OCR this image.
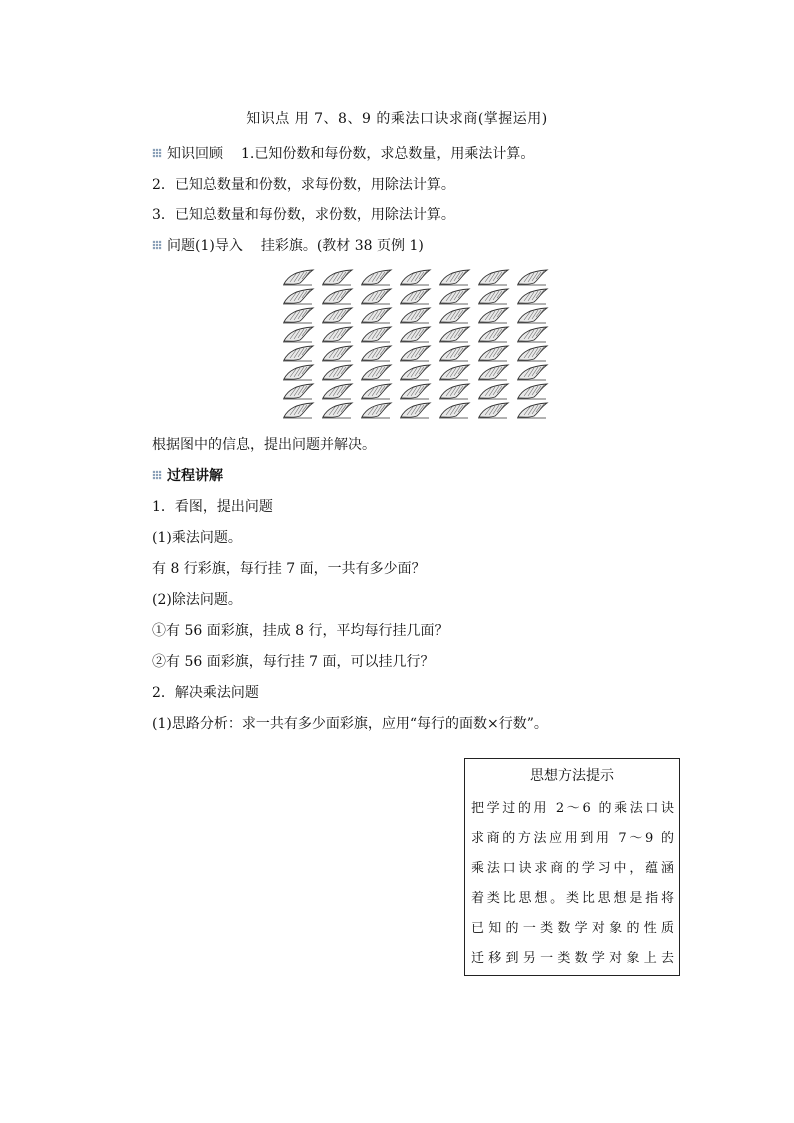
知识点 用 7、8、9 的乘法口诀求商(掌握运用)
知识回顾 1.已知份数和每份数，求总数量，用乘法计算。
2．已知总数量和份数，求每份数，用除法计算。
3．已知总数量和每份数，求份数，用除法计算。
问题(1)导入 挂彩旗。(教材 38 页例 1)
根据图中的信息，提出问题并解决。
过程讲解
1．看图，提出问题
(1)乘法问题。
有 8 行彩旗，每行挂 7 面，一共有多少面？
(2)除法问题。
①有 56 面彩旗，挂成 8 行，平均每行挂几面？
②有 56 面彩旗，每行挂 7 面，可以挂几行？
2．解决乘法问题
(1)思路分析：求一共有多少面彩旗，应用“每行的面数×行数”。
思想方法提示
把学过的用 2～6 的乘法口诀
求商的方法应用到用 7～9 的
乘法口诀求商的学习中，蕴涵
着类比思想。类比思想是指将
已知的一类数学对象的性质
迁移到另一类数学对象上去
